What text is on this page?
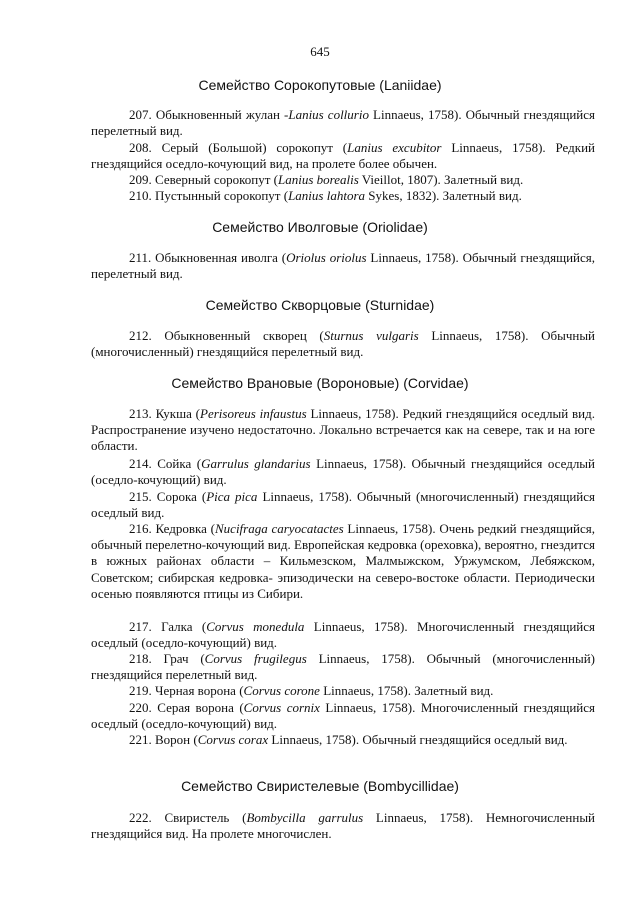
645
Семейство Сорокопутовые (Laniidae)
207. Обыкновенный жулан -Lanius collurio Linnaeus, 1758). Обычный гнездящийся перелетный вид.
208. Серый (Большой) сорокопут (Lanius excubitor Linnaeus, 1758). Редкий гнездящийся оседло-кочующий вид, на пролете более обычен.
209. Северный сорокопут (Lanius borealis Vieillot, 1807). Залетный вид.
210. Пустынный сорокопут (Lanius lahtora Sykes, 1832). Залетный вид.
Семейство Иволговые (Oriolidae)
211. Обыкновенная иволга (Oriolus oriolus Linnaeus, 1758). Обычный гнездящийся, перелетный вид.
Семейство Скворцовые (Sturnidae)
212. Обыкновенный скворец (Sturnus vulgaris Linnaeus, 1758). Обычный (многочисленный) гнездящийся перелетный вид.
Семейство Врановые (Вороновые) (Corvidae)
213. Кукша (Perisoreus infaustus Linnaeus, 1758). Редкий гнездящийся оседлый вид. Распространение изучено недостаточно. Локально встречается как на севере, так и на юге области.
214. Сойка (Garrulus glandarius Linnaeus, 1758). Обычный гнездящийся оседлый (оседло-кочующий) вид.
215. Сорока (Pica pica Linnaeus, 1758). Обычный (многочисленный) гнездящийся оседлый вид.
216. Кедровка (Nucifraga caryocatactes Linnaeus, 1758). Очень редкий гнездящийся, обычный перелетно-кочующий вид. Европейская кедровка (ореховка), вероятно, гнездится в южных районах области – Кильмезском, Малмыжском, Уржумском, Лебяжском, Советском; сибирская кедровка- эпизодически на северо-востоке области. Периодически осенью появляются птицы из Сибири.
217. Галка (Corvus monedula Linnaeus, 1758). Многочисленный гнездящийся оседлый (оседло-кочующий) вид.
218. Грач (Corvus frugilegus Linnaeus, 1758). Обычный (многочисленный) гнездящийся перелетный вид.
219. Черная ворона (Corvus corone Linnaeus, 1758). Залетный вид.
220. Серая ворона (Corvus cornix Linnaeus, 1758). Многочисленный гнездящийся оседлый (оседло-кочующий) вид.
221. Ворон (Corvus corax Linnaeus, 1758). Обычный гнездящийся оседлый вид.
Семейство Свиристелевые (Bombycillidae)
222. Свиристель (Bombycilla garrulus Linnaeus, 1758). Немногочисленный гнездящийся вид. На пролете многочислен.
